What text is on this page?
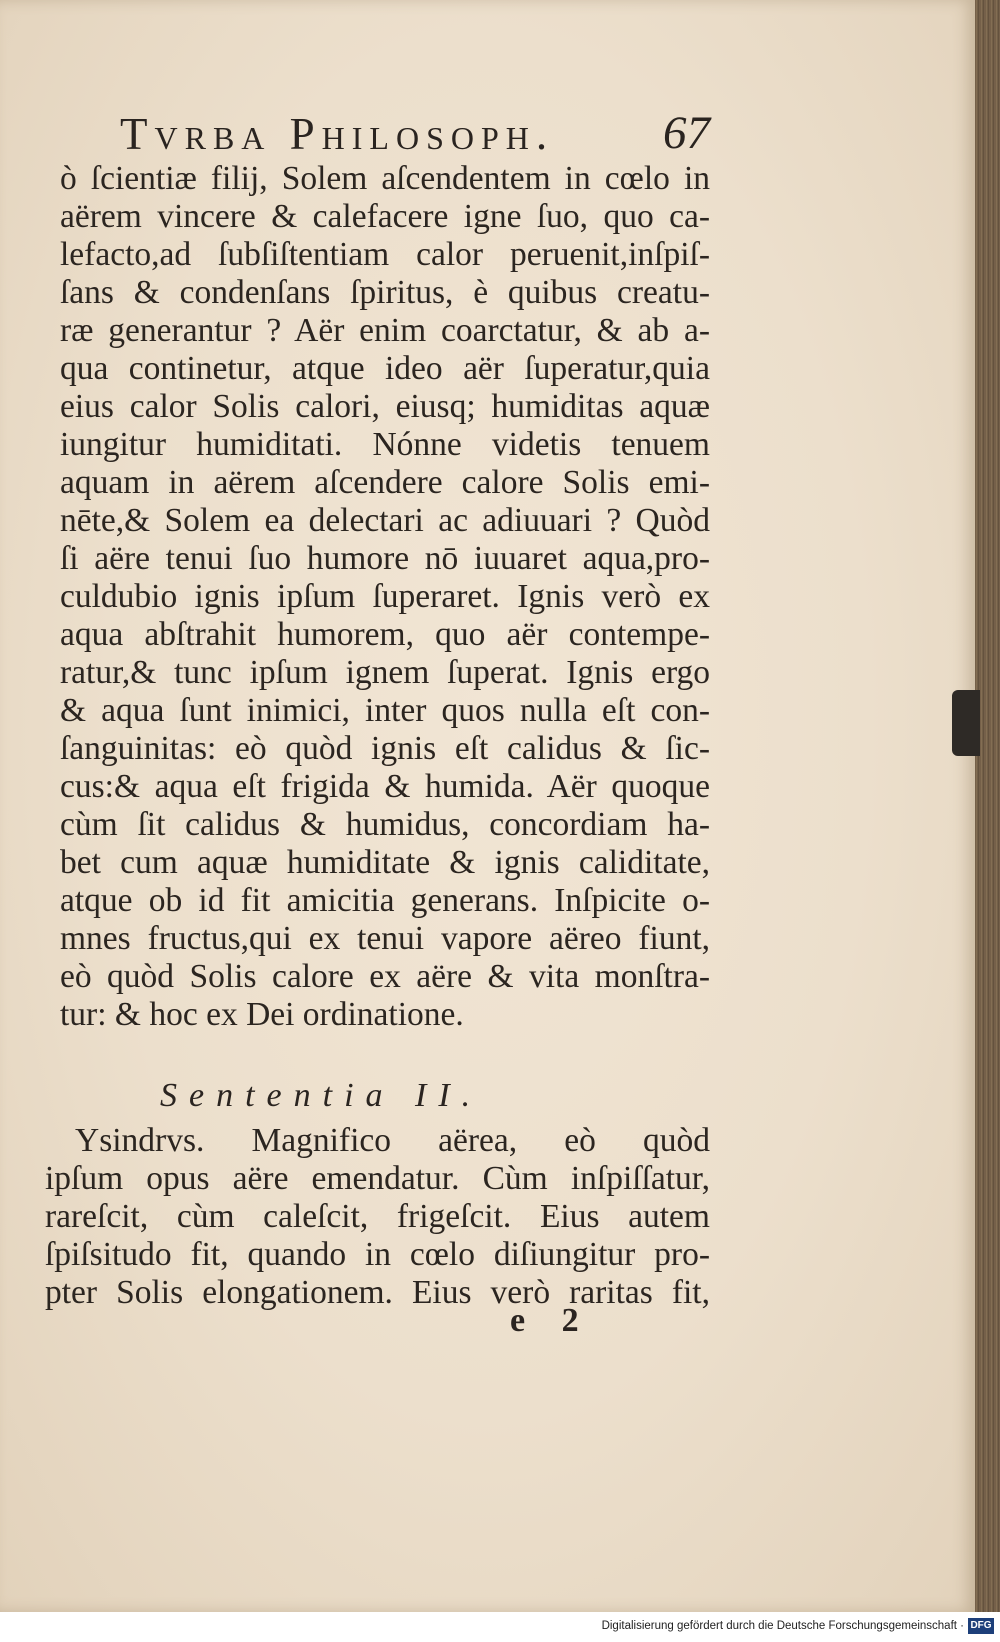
Tvrba Philosoph. 67
ò ſcientiæ filij, Solem aſcendentem in cœlo in
aërem vincere & calefacere igne ſuo, quo ca-
lefacto,ad ſubſiſtentiam calor peruenit,inſpiſ-
ſans & condenſans ſpiritus, è quibus creatu-
ræ generantur ? Aër enim coarctatur, & ab a-
qua continetur, atque ideo aër ſuperatur,quia
eius calor Solis calori, eiusq; humiditas aquæ
iungitur humiditati. Nónne videtis tenuem
aquam in aërem aſcendere calore Solis emi-
nēte,& Solem ea delectari ac adiuuari ? Quòd
ſi aëre tenui ſuo humore nō iuuaret aqua,pro-
culdubio ignis ipſum ſuperaret. Ignis verò ex
aqua abſtrahit humorem, quo aër contempe-
ratur,& tunc ipſum ignem ſuperat. Ignis ergo
& aqua ſunt inimici, inter quos nulla eſt con-
ſanguinitas: eò quòd ignis eſt calidus & ſic-
cus:& aqua eſt frigida & humida. Aër quoque
cùm ſit calidus & humidus, concordiam ha-
bet cum aquæ humiditate & ignis caliditate,
atque ob id fit amicitia generans. Inſpicite o-
mnes fructus,qui ex tenui vapore aëreo fiunt,
eò quòd Solis calore ex aëre & vita monſtra-
tur: & hoc ex Dei ordinatione.
Sententia II.
Ysindrvs. Magnifico aërea, eò quòd
ipſum opus aëre emendatur. Cùm inſpiſſatur,
rareſcit, cùm caleſcit, frigeſcit. Eius autem
ſpiſsitudo fit, quando in cœlo diſiungitur pro-
pter Solis elongationem. Eius verò raritas fit,
e 2
Digitalisierung gefördert durch die Deutsche Forschungsgemeinschaft · DFG
